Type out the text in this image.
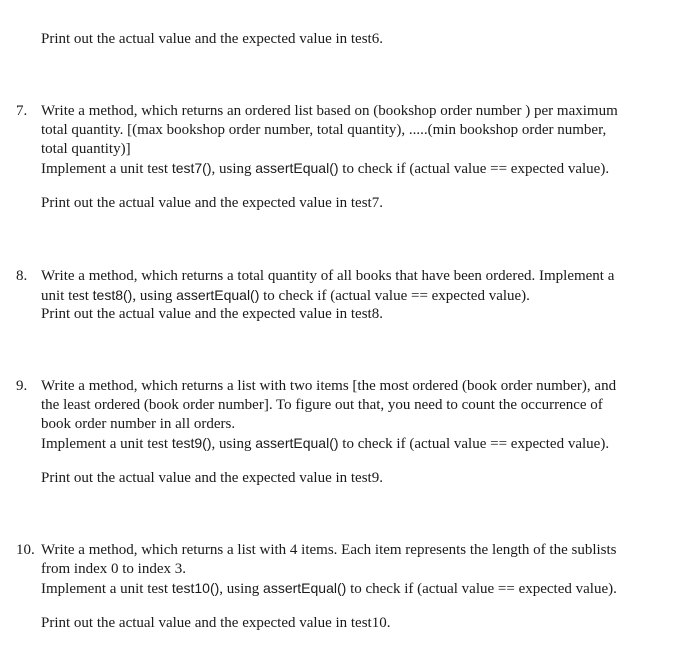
Print out the actual value and the expected value in test6.
7. Write a method, which returns an ordered list based on (bookshop order number ) per maximum
total quantity. [(max bookshop order number, total quantity), .....(min bookshop order number,
total quantity)]
Implement a unit test test7(), using assertEqual() to check if (actual value == expected value).
Print out the actual value and the expected value in test7.
8. Write a method, which returns a total quantity of all books that have been ordered. Implement a
unit test test8(), using assertEqual() to check if (actual value == expected value).
Print out the actual value and the expected value in test8.
9. Write a method, which returns a list with two items [the most ordered (book order number), and
the least ordered (book order number]. To figure out that, you need to count the occurrence of
book order number in all orders.
Implement a unit test test9(), using assertEqual() to check if (actual value == expected value).
Print out the actual value and the expected value in test9.
10. Write a method, which returns a list with 4 items. Each item represents the length of the sublists
from index 0 to index 3.
Implement a unit test test10(), using assertEqual() to check if (actual value == expected value).
Print out the actual value and the expected value in test10.
